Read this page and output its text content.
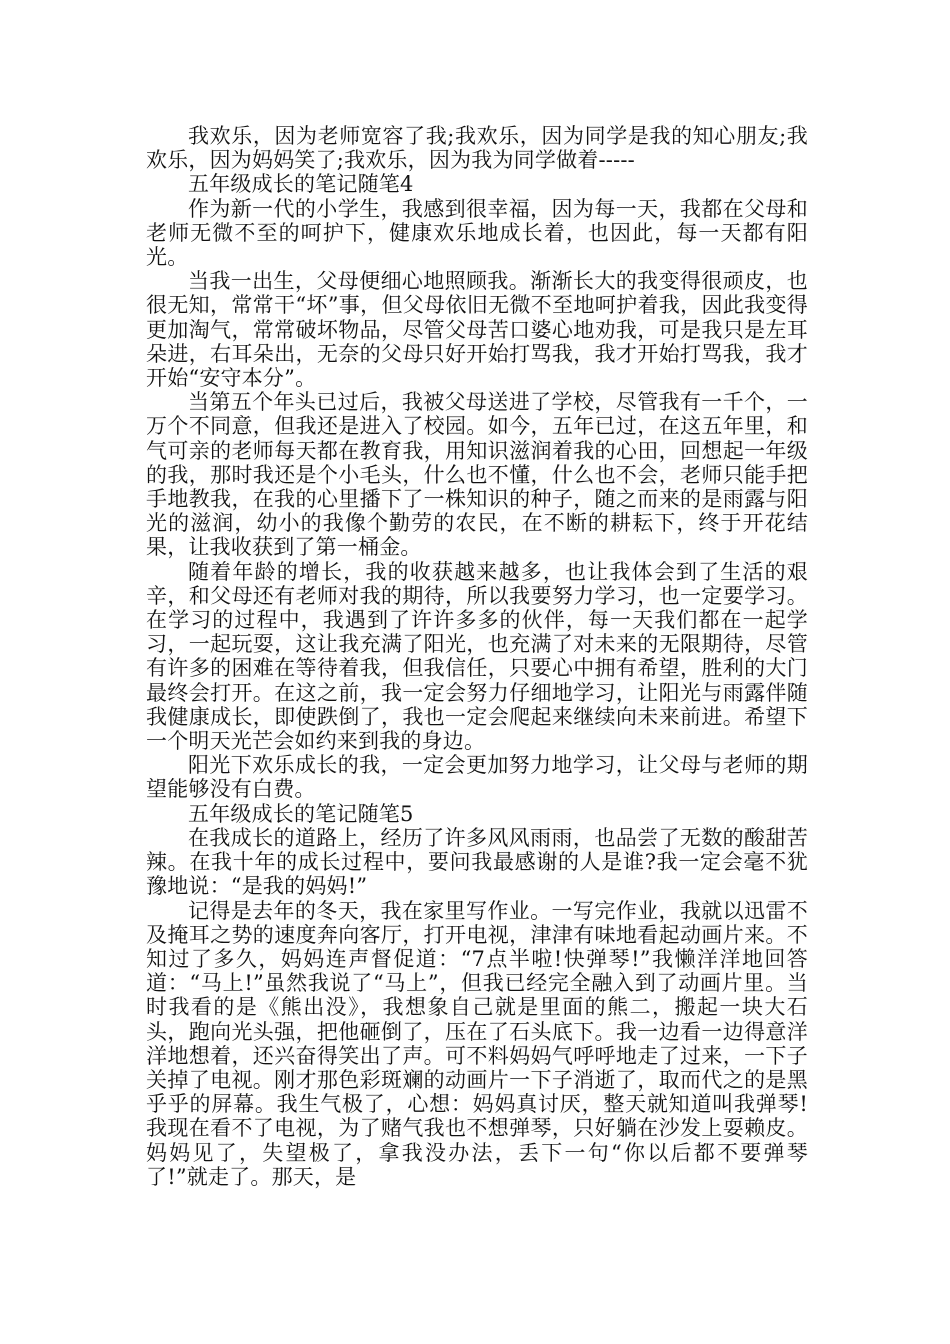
我欢乐，因为老师宽容了我;我欢乐，因为同学是我的知心朋友;我欢乐，因为妈妈笑了;我欢乐，因为我为同学做着-----

五年级成长的笔记随笔4

作为新一代的小学生，我感到很幸福，因为每一天，我都在父母和老师无微不至的呵护下，健康欢乐地成长着，也因此，每一天都有阳光。

当我一出生，父母便细心地照顾我。渐渐长大的我变得很顽皮，也很无知，常常干“坏”事，但父母依旧无微不至地呵护着我，因此我变得更加淘气，常常破坏物品，尽管父母苦口婆心地劝我，可是我只是左耳朵进，右耳朵出，无奈的父母只好开始打骂我，我才开始打骂我，我才开始“安守本分”。

当第五个年头已过后，我被父母送进了学校，尽管我有一千个，一万个不同意，但我还是进入了校园。如今，五年已过，在这五年里，和气可亲的老师每天都在教育我，用知识滋润着我的心田，回想起一年级的我，那时我还是个小毛头，什么也不懂，什么也不会，老师只能手把手地教我，在我的心里播下了一株知识的种子，随之而来的是雨露与阳光的滋润，幼小的我像个勤劳的农民，在不断的耕耘下，终于开花结果，让我收获到了第一桶金。

随着年龄的增长，我的收获越来越多，也让我体会到了生活的艰辛，和父母还有老师对我的期待，所以我要努力学习，也一定要学习。在学习的过程中，我遇到了许许多多的伙伴，每一天我们都在一起学习，一起玩耍，这让我充满了阳光，也充满了对未来的无限期待，尽管有许多的困难在等待着我，但我信任，只要心中拥有希望，胜利的大门最终会打开。在这之前，我一定会努力仔细地学习，让阳光与雨露伴随我健康成长，即使跌倒了，我也一定会爬起来继续向未来前进。希望下一个明天光芒会如约来到我的身边。

阳光下欢乐成长的我，一定会更加努力地学习，让父母与老师的期望能够没有白费。

五年级成长的笔记随笔5

在我成长的道路上，经历了许多风风雨雨，也品尝了无数的酸甜苦辣。在我十年的成长过程中，要问我最感谢的人是谁?我一定会毫不犹豫地说：“是我的妈妈!”

记得是去年的冬天，我在家里写作业。一写完作业，我就以迅雷不及掩耳之势的速度奔向客厅，打开电视，津津有味地看起动画片来。不知过了多久，妈妈连声督促道：“7点半啦!快弹琴!”我懒洋洋地回答道：“马上!”虽然我说了“马上”，但我已经完全融入到了动画片里。当时我看的是《熊出没》，我想象自己就是里面的熊二，搬起一块大石头，跑向光头强，把他砸倒了，压在了石头底下。我一边看一边得意洋洋地想着，还兴奋得笑出了声。可不料妈妈气呼呼地走了过来，一下子关掉了电视。刚才那色彩斑斓的动画片一下子消逝了，取而代之的是黑乎乎的屏幕。我生气极了，心想：妈妈真讨厌，整天就知道叫我弹琴!我现在看不了电视，为了赌气我也不想弹琴，只好躺在沙发上耍赖皮。妈妈见了，失望极了，拿我没办法，丢下一句“你以后都不要弹琴了!”就走了。那天，是
